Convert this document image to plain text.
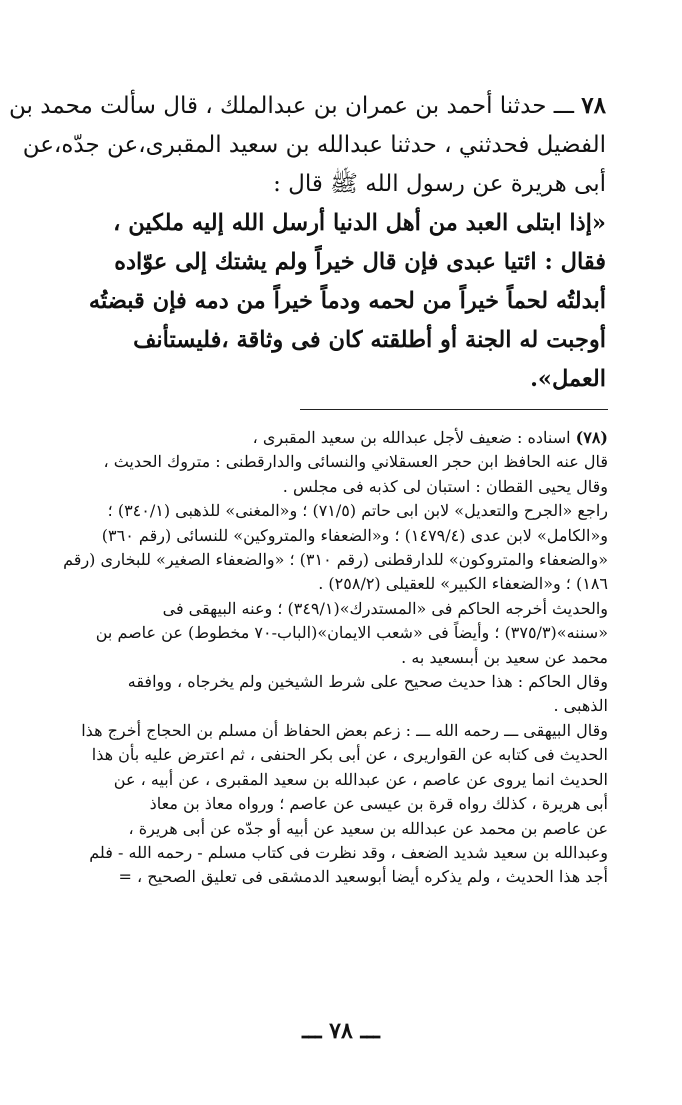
٧٨ ـــ حدثنا أحمد بن عمران بن عبدالملك ، قال سألت محمد بن
الفضيل فحدثني ، حدثنا عبدالله بن سعيد المقبرى،عن جدّه،عن
أبى هريرة عن رسول الله ﷺ قال :
«إذا ابتلى العبد من أهل الدنيا أرسل الله إليه ملكين ،
فقال : ائتيا عبدى فإن قال خيراً ولم يشتك إلى عوّاده
أبدلتُه لحماً خيراً من لحمه ودماً خيراً من دمه فإن قبضتُه
أوجبت له الجنة أو أطلقته كان فى وثاقة ،فليستأنف
العمل».
(٧٨) اسناده : ضعيف لأجل عبدالله بن سعيد المقبرى ،
قال عنه الحافظ ابن حجر العسقلاني والنسائى والدارقطنى : متروك الحديث ،
وقال يحيى القطان : استبان لى كذبه فى مجلس .
راجع «الجرح والتعديل» لابن ابى حاتم (٧١/٥) ؛ و«المغنى» للذهبى (٣٤٠/١) ؛
و«الكامل» لابن عدى (١٤٧٩/٤) ؛ و«الضعفاء والمتروكين» للنسائى (رقم ٣٦٠)
«والضعفاء والمتروكون» للدارقطنى (رقم ٣١٠) ؛ «والضعفاء الصغير» للبخارى (رقم
١٨٦) ؛ و«الضعفاء الكبير» للعقيلى (٢٥٨/٢) .
والحديث أخرجه الحاكم فى «المستدرك»(٣٤٩/١) ؛ وعنه البيهقى فى
«سننه»(٣٧٥/٣) ؛ وأيضاً فى «شعب الايمان»(الباب-٧٠ مخطوط) عن عاصم بن
محمد عن سعيد بن أبىسعيد به .
وقال الحاكم : هذا حديث صحيح على شرط الشيخين ولم يخرجاه ، ووافقه
الذهبى .
وقال البيهقى ـــ رحمه الله ـــ : زعم بعض الحفاظ أن مسلم بن الحجاج أخرج هذا
الحديث فى كتابه عن القواريرى ، عن أبى بكر الحنفى ، ثم اعترض عليه بأن هذا
الحديث انما يروى عن عاصم ، عن عبدالله بن سعيد المقبرى ، عن أبيه ، عن
أبى هريرة ، كذلك رواه قرة بن عيسى عن عاصم ؛ ورواه معاذ بن معاذ
عن عاصم بن محمد عن عبدالله بن سعيد عن أبيه أو جدّه عن أبى هريرة ،
وعبدالله بن سعيد شديد الضعف ، وقد نظرت فى كتاب مسلم - رحمه الله - فلم
أجد هذا الحديث ، ولم يذكره أيضا أبوسعيد الدمشقى فى تعليق الصحيح ، =
ـــ ٧٨ ـــ
